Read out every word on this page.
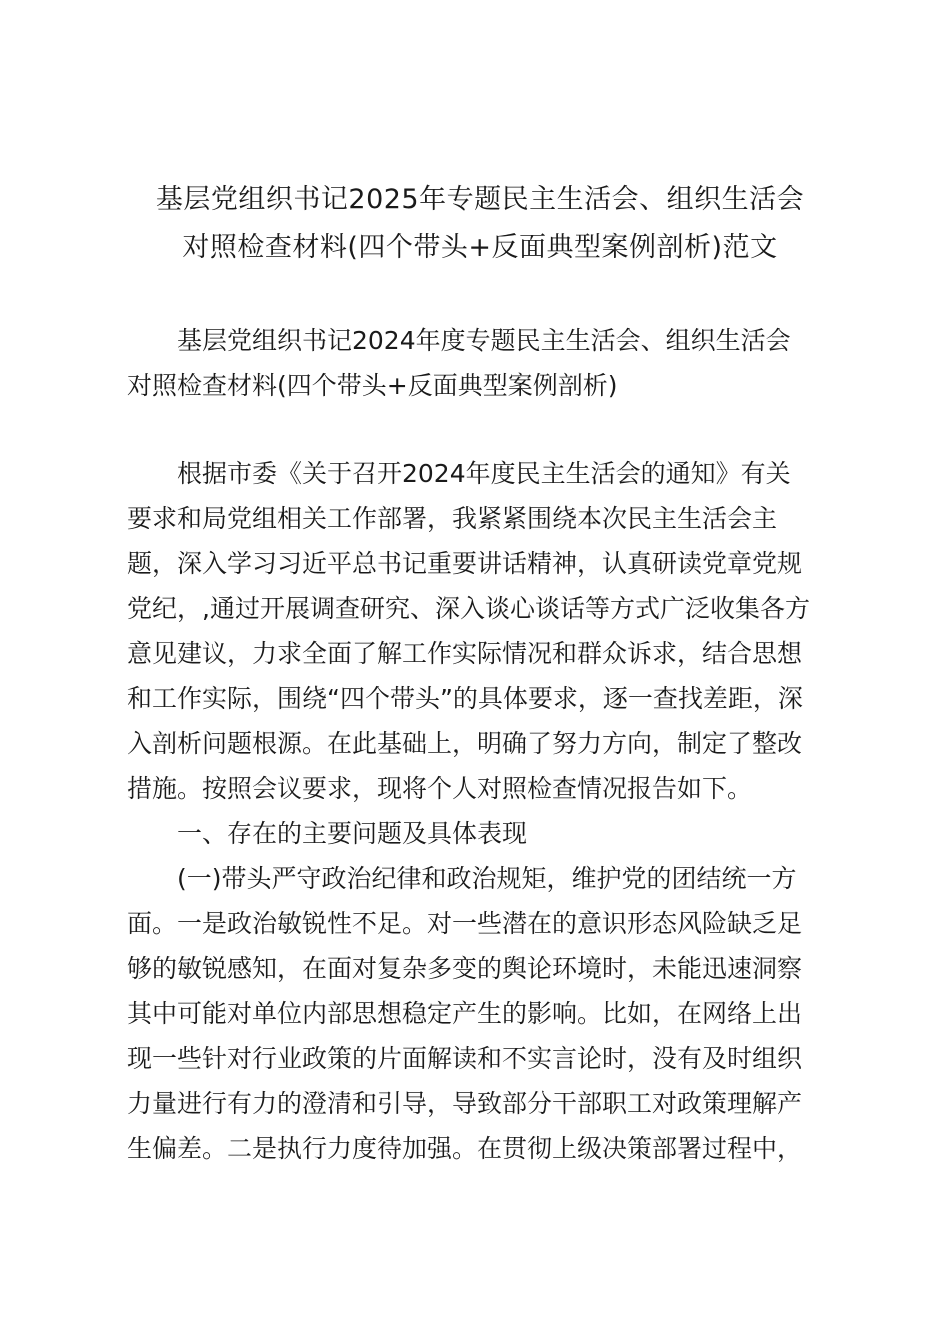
基层党组织书记2025年专题民主生活会、组织生活会
对照检查材料(四个带头+反面典型案例剖析)范文
基层党组织书记2024年度专题民主生活会、组织生活会
对照检查材料(四个带头+反面典型案例剖析)
根据市委《关于召开2024年度民主生活会的通知》有关
要求和局党组相关工作部署，我紧紧围绕本次民主生活会主
题，深入学习习近平总书记重要讲话精神，认真研读党章党规
党纪，,通过开展调查研究、深入谈心谈话等方式广泛收集各方
意见建议，力求全面了解工作实际情况和群众诉求，结合思想
和工作实际，围绕“四个带头”的具体要求，逐一查找差距，深
入剖析问题根源。在此基础上，明确了努力方向，制定了整改
措施。按照会议要求，现将个人对照检查情况报告如下。
一、存在的主要问题及具体表现
(一)带头严守政治纪律和政治规矩，维护党的团结统一方
面。一是政治敏锐性不足。对一些潜在的意识形态风险缺乏足
够的敏锐感知，在面对复杂多变的舆论环境时，未能迅速洞察
其中可能对单位内部思想稳定产生的影响。比如，在网络上出
现一些针对行业政策的片面解读和不实言论时，没有及时组织
力量进行有力的澄清和引导，导致部分干部职工对政策理解产
生偏差。二是执行力度待加强。在贯彻上级决策部署过程中，
